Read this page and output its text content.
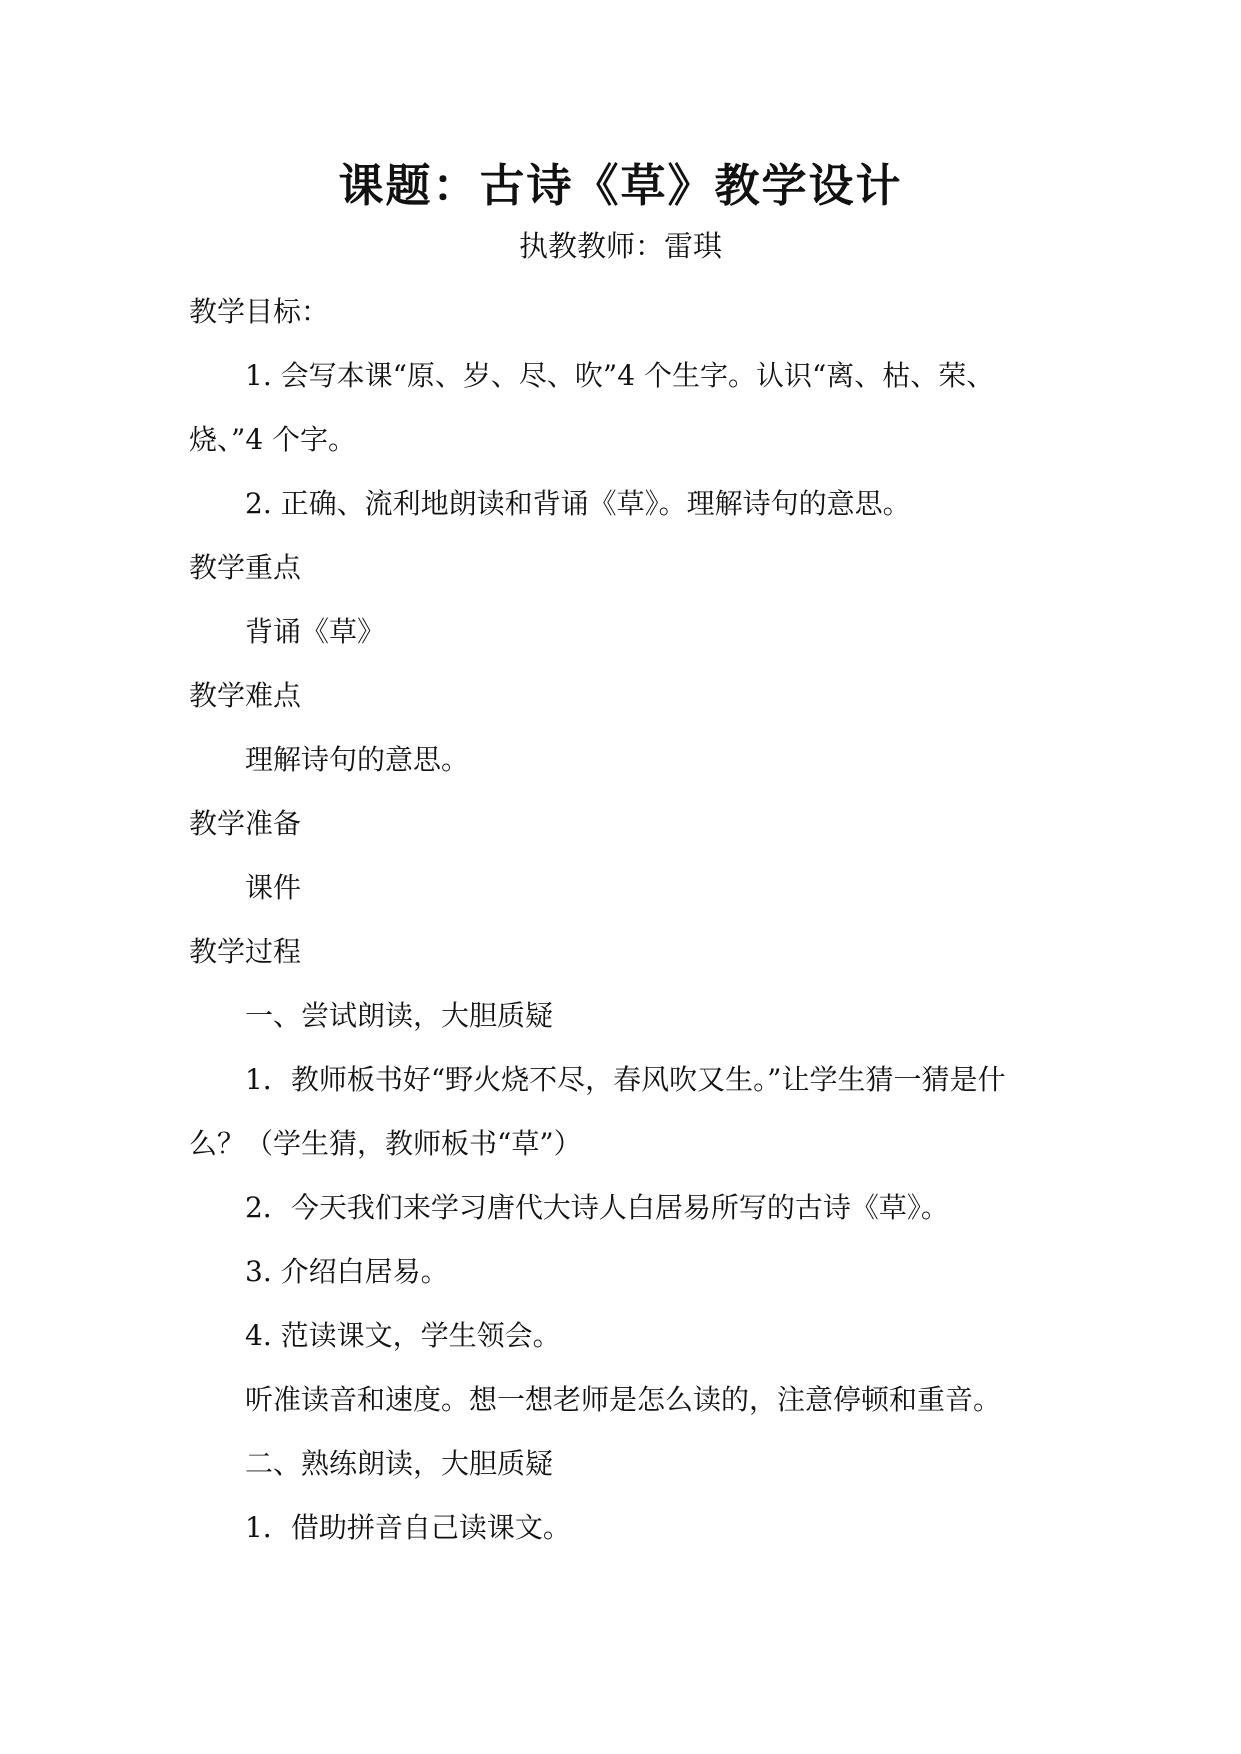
课题：古诗《草》教学设计
执教教师：雷琪
教学目标：
1. 会写本课“原、岁、尽、吹”4 个生字。认识“离、枯、荣、
烧、”4 个字。
2. 正确、流利地朗读和背诵《草》。理解诗句的意思。
教学重点
背诵《草》
教学难点
理解诗句的意思。
教学准备
课件
教学过程
一、尝试朗读，大胆质疑
1．教师板书好“野火烧不尽，春风吹又生。”让学生猜一猜是什
么？（学生猜，教师板书“草”）
2．今天我们来学习唐代大诗人白居易所写的古诗《草》。
3. 介绍白居易。
4. 范读课文，学生领会。
听准读音和速度。想一想老师是怎么读的，注意停顿和重音。
二、熟练朗读，大胆质疑
1．借助拼音自己读课文。
